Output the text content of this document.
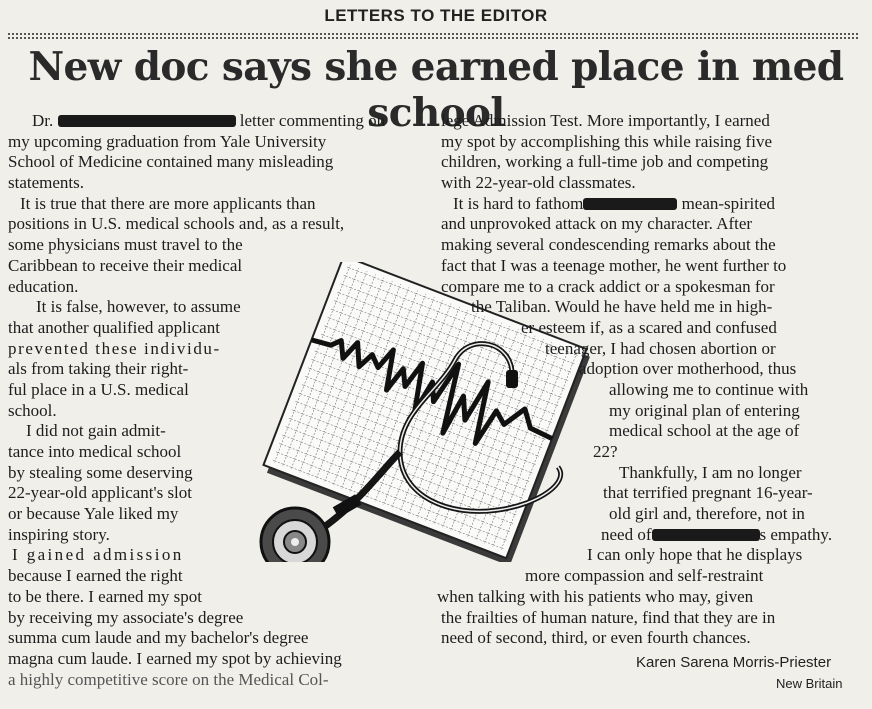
LETTERS TO THE EDITOR
New doc says she earned place in med school
Dr.	letter commenting on
my upcoming graduation from Yale University
School of Medicine contained many misleading
statements.
It is true that there are more applicants than
positions in U.S. medical schools and, as a result,
some physicians must travel to the
Caribbean to receive their medical
education.
It is false, however, to assume
that another qualified applicant
prevented these individu-
als from taking their right-
ful place in a U.S. medical
school.
I did not gain admit-
tance into medical school
by stealing some deserving
22-year-old applicant's slot
or because Yale liked my
inspiring story.
I gained admission
because I earned the right
to be there. I earned my spot
by receiving my associate's degree
summa cum laude and my bachelor's degree
magna cum laude. I earned my spot by achieving
a highly competitive score on the Medical Col-
lege Admission Test. More importantly, I earned
my spot by accomplishing this while raising five
children, working a full-time job and competing
with 22-year-old classmates.
It is hard to fathom	mean-spirited
and unprovoked attack on my character. After
making several condescending remarks about the
fact that I was a teenage mother, he went further to
compare me to a crack addict or a spokesman for
the Taliban. Would he have held me in high-
er esteem if, as a scared and confused
teenager, I had chosen abortion or
adoption over motherhood, thus
allowing me to continue with
my original plan of entering
medical school at the age of
22?
Thankfully, I am no longer
that terrified pregnant 16-year-
old girl and, therefore, not in
need of	s empathy.
I can only hope that he displays
more compassion and self-restraint
when talking with his patients who may, given
the frailties of human nature, find that they are in
need of second, third, or even fourth chances.
Karen Sarena Morris-Priester
New Britain
